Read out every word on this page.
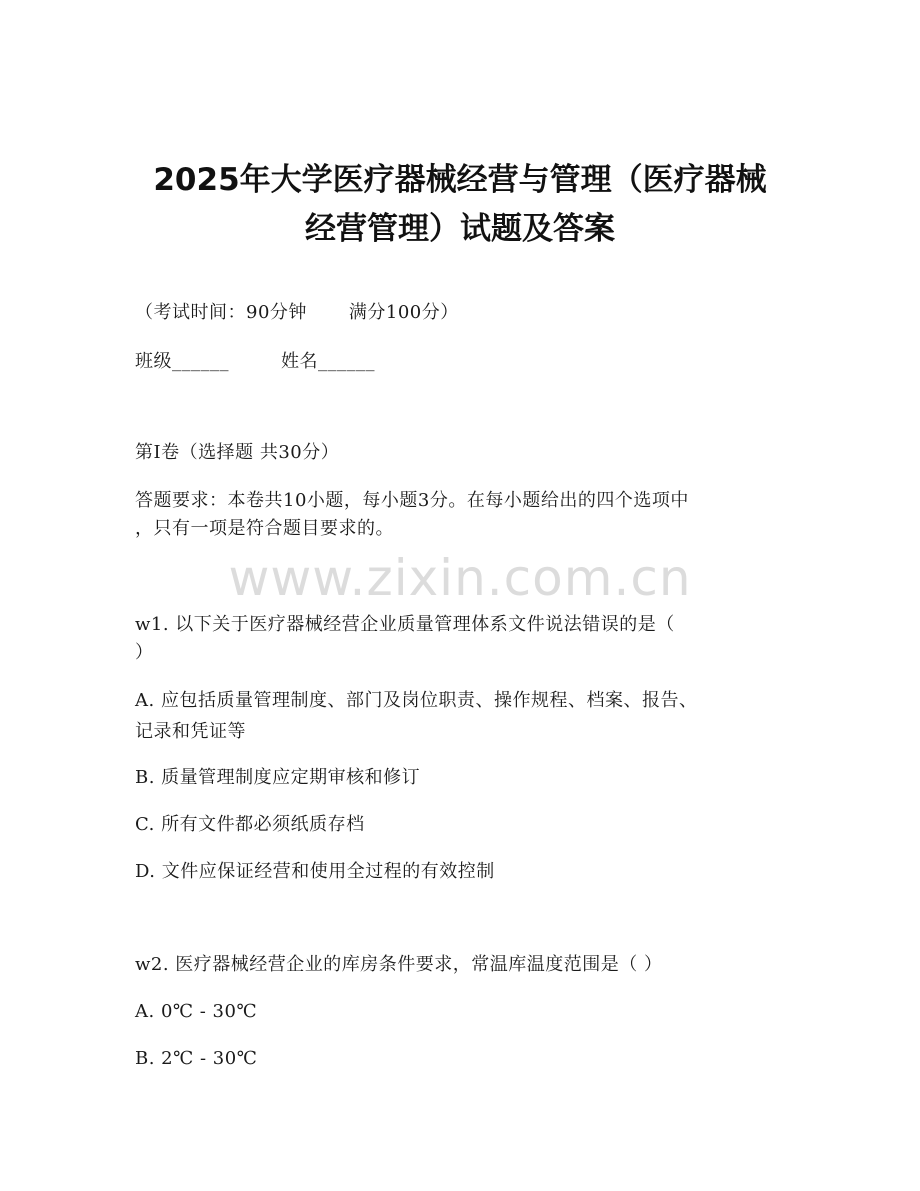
2025年大学医疗器械经营与管理（医疗器械
经营管理）试题及答案
（考试时间：90分钟 满分100分）
班级______	姓名______
第I卷（选择题 共30分）
答题要求：本卷共10小题，每小题3分。在每小题给出的四个选项中
，只有一项是符合题目要求的。
www.zixin.com.cn
w1. 以下关于医疗器械经营企业质量管理体系文件说法错误的是（
）
A. 应包括质量管理制度、部门及岗位职责、操作规程、档案、报告、
记录和凭证等
B. 质量管理制度应定期审核和修订
C. 所有文件都必须纸质存档
D. 文件应保证经营和使用全过程的有效控制
w2. 医疗器械经营企业的库房条件要求，常温库温度范围是（ ）
A. 0℃ - 30℃
B. 2℃ - 30℃
